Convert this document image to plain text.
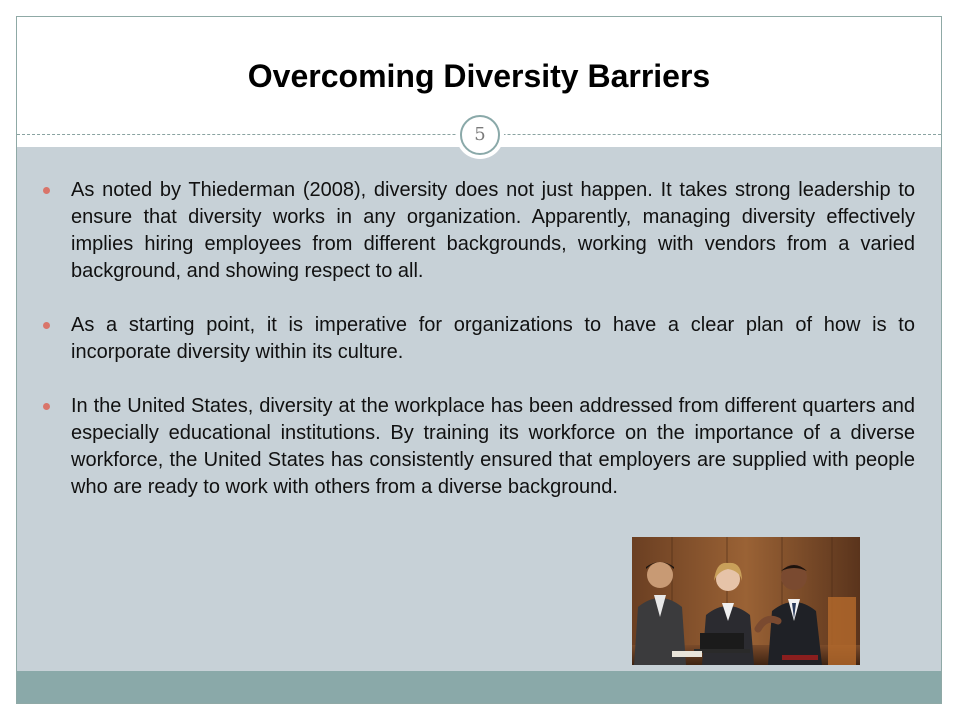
Overcoming Diversity Barriers
5
As noted by Thiederman (2008), diversity does not just happen. It takes strong leadership to ensure that diversity works in any organization. Apparently, managing diversity effectively implies hiring employees from different backgrounds, working with vendors from a varied background, and showing respect to all.
As a starting point, it is imperative for organizations to have a clear plan of how is to incorporate diversity within its culture.
In the United States, diversity at the workplace has been addressed from different quarters and especially educational institutions. By training its workforce on the importance of a diverse workforce, the United States has consistently ensured that employers are supplied with people who are ready to work with others from a diverse background.
